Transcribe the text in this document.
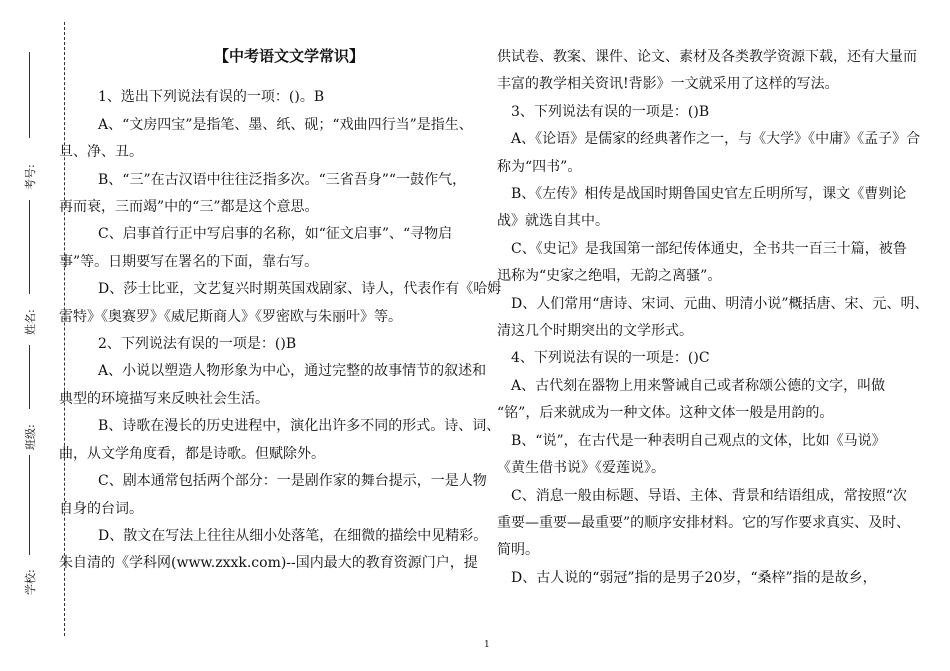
考号:
姓名:
班级:
学校:

【中考语文文学常识】

1、选出下列说法有误的一项：()。B

A、“文房四宝”是指笔、墨、纸、砚；“戏曲四行当”是指生、

旦、净、丑。

B、“三”在古汉语中往往泛指多次。“三省吾身”“一鼓作气，

再而衰，三而竭”中的“三”都是这个意思。

C、启事首行正中写启事的名称，如“征文启事”、“寻物启

事”等。日期要写在署名的下面，靠右写。

D、莎士比亚，文艺复兴时期英国戏剧家、诗人，代表作有《哈姆

雷特》《奥赛罗》《威尼斯商人》《罗密欧与朱丽叶》等。

2、下列说法有误的一项是：()B

A、小说以塑造人物形象为中心，通过完整的故事情节的叙述和

典型的环境描写来反映社会生活。

B、诗歌在漫长的历史进程中，演化出许多不同的形式。诗、词、

曲，从文学角度看，都是诗歌。但赋除外。

C、剧本通常包括两个部分：一是剧作家的舞台提示，一是人物

自身的台词。

D、散文在写法上往往从细小处落笔，在细微的描绘中见精彩。

朱自清的《学科网(www.zxxk.com)--国内最大的教育资源门户，提

供试卷、教案、课件、论文、素材及各类教学资源下载，还有大量而

丰富的教学相关资讯!背影》一文就采用了这样的写法。

3、下列说法有误的一项是：()B

A、《论语》是儒家的经典著作之一，与《大学》《中庸》《孟子》合

称为“四书”。

B、《左传》相传是战国时期鲁国史官左丘明所写，课文《曹刿论

战》就选自其中。

C、《史记》是我国第一部纪传体通史，全书共一百三十篇，被鲁

迅称为“史家之绝唱，无韵之离骚”。

D、人们常用“唐诗、宋词、元曲、明清小说”概括唐、宋、元、明、

清这几个时期突出的文学形式。

4、下列说法有误的一项是：()C

A、古代刻在器物上用来警诫自己或者称颂公德的文字，叫做

“铭”，后来就成为一种文体。这种文体一般是用韵的。

B、“说”，在古代是一种表明自己观点的文体，比如《马说》

《黄生借书说》《爱莲说》。

C、消息一般由标题、导语、主体、背景和结语组成，常按照“次

重要—重要—最重要”的顺序安排材料。它的写作要求真实、及时、

简明。

D、古人说的“弱冠”指的是男子20岁，“桑梓”指的是故乡，

1
